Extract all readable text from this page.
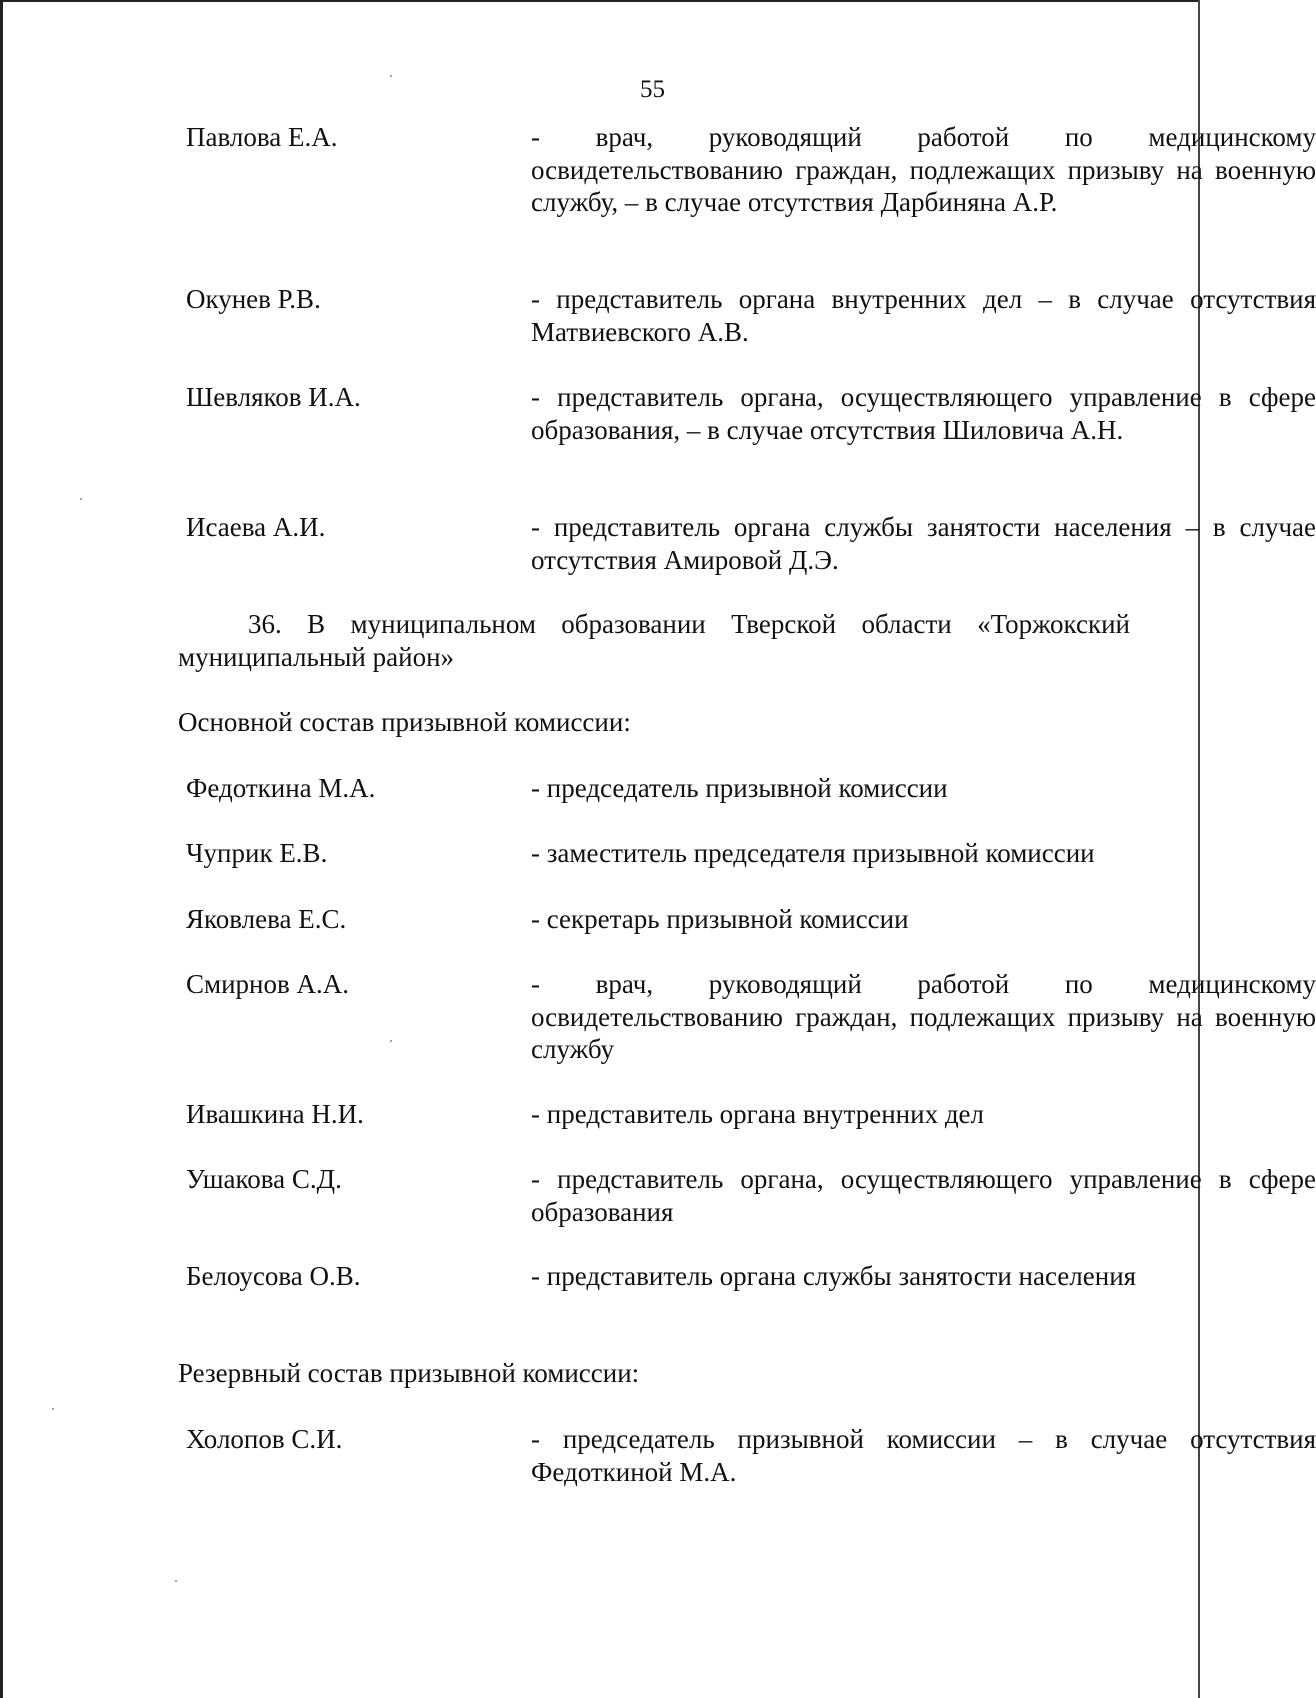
55
Павлова Е.А.	- врач, руководящий работой по медицинскому освидетельствованию граждан, подлежащих призыву на военную службу, – в случае отсутствия Дарбиняна А.Р.
Окунев Р.В.	- представитель органа внутренних дел – в случае отсутствия Матвиевского А.В.
Шевляков И.А.	- представитель органа, осуществляющего управление в сфере образования, – в случае отсутствия Шиловича А.Н.
Исаева А.И.	- представитель органа службы занятости населения – в случае отсутствия Амировой Д.Э.
36. В муниципальном образовании Тверской области «Торжокский муниципальный район»
Основной состав призывной комиссии:
Федоткина М.А.	- председатель призывной комиссии
Чуприк Е.В.	- заместитель председателя призывной комиссии
Яковлева Е.С.	- секретарь призывной комиссии
Смирнов А.А.	- врач, руководящий работой по медицинскому освидетельствованию граждан, подлежащих призыву на военную службу
Ивашкина Н.И.	- представитель органа внутренних дел
Ушакова С.Д.	- представитель органа, осуществляющего управление в сфере образования
Белоусова О.В.	- представитель органа службы занятости населения
Резервный состав призывной комиссии:
Холопов С.И.	- председатель призывной комиссии – в случае отсутствия Федоткиной М.А.
